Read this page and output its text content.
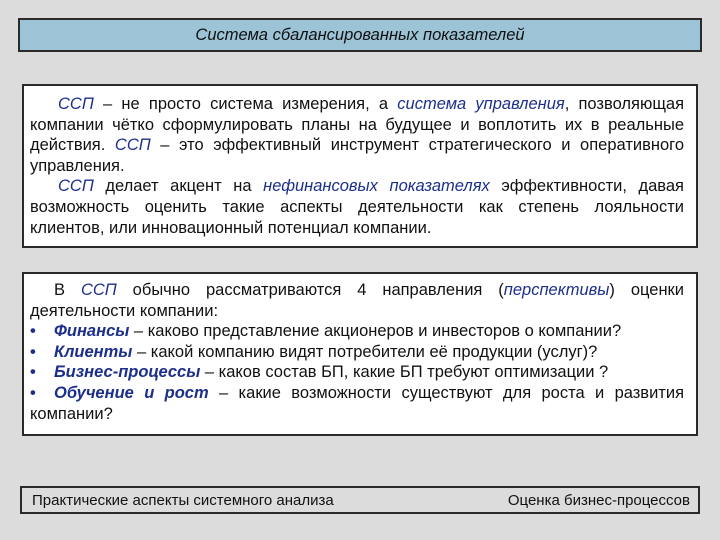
Система сбалансированных показателей

ССП – не просто система измерения, а система управления, позволяющая компании чётко сформулировать планы на будущее и воплотить их в реальные действия. ССП – это эффективный инструмент стратегического и оперативного управления.

ССП делает акцент на нефинансовых показателях эффективности, давая возможность оценить такие аспекты деятельности как степень лояльности клиентов, или инновационный потенциал компании.

В ССП обычно рассматриваются 4 направления (перспективы) оценки деятельности компании:

• Финансы – каково представление акционеров и инвесторов о компании?

• Клиенты – какой компанию видят потребители её продукции (услуг)?

• Бизнес-процессы – каков состав БП, какие БП требуют оптимизации ?

• Обучение и рост – какие возможности существуют для роста и развития компании?

Практические аспекты системного анализа	Оценка бизнес-процессов
